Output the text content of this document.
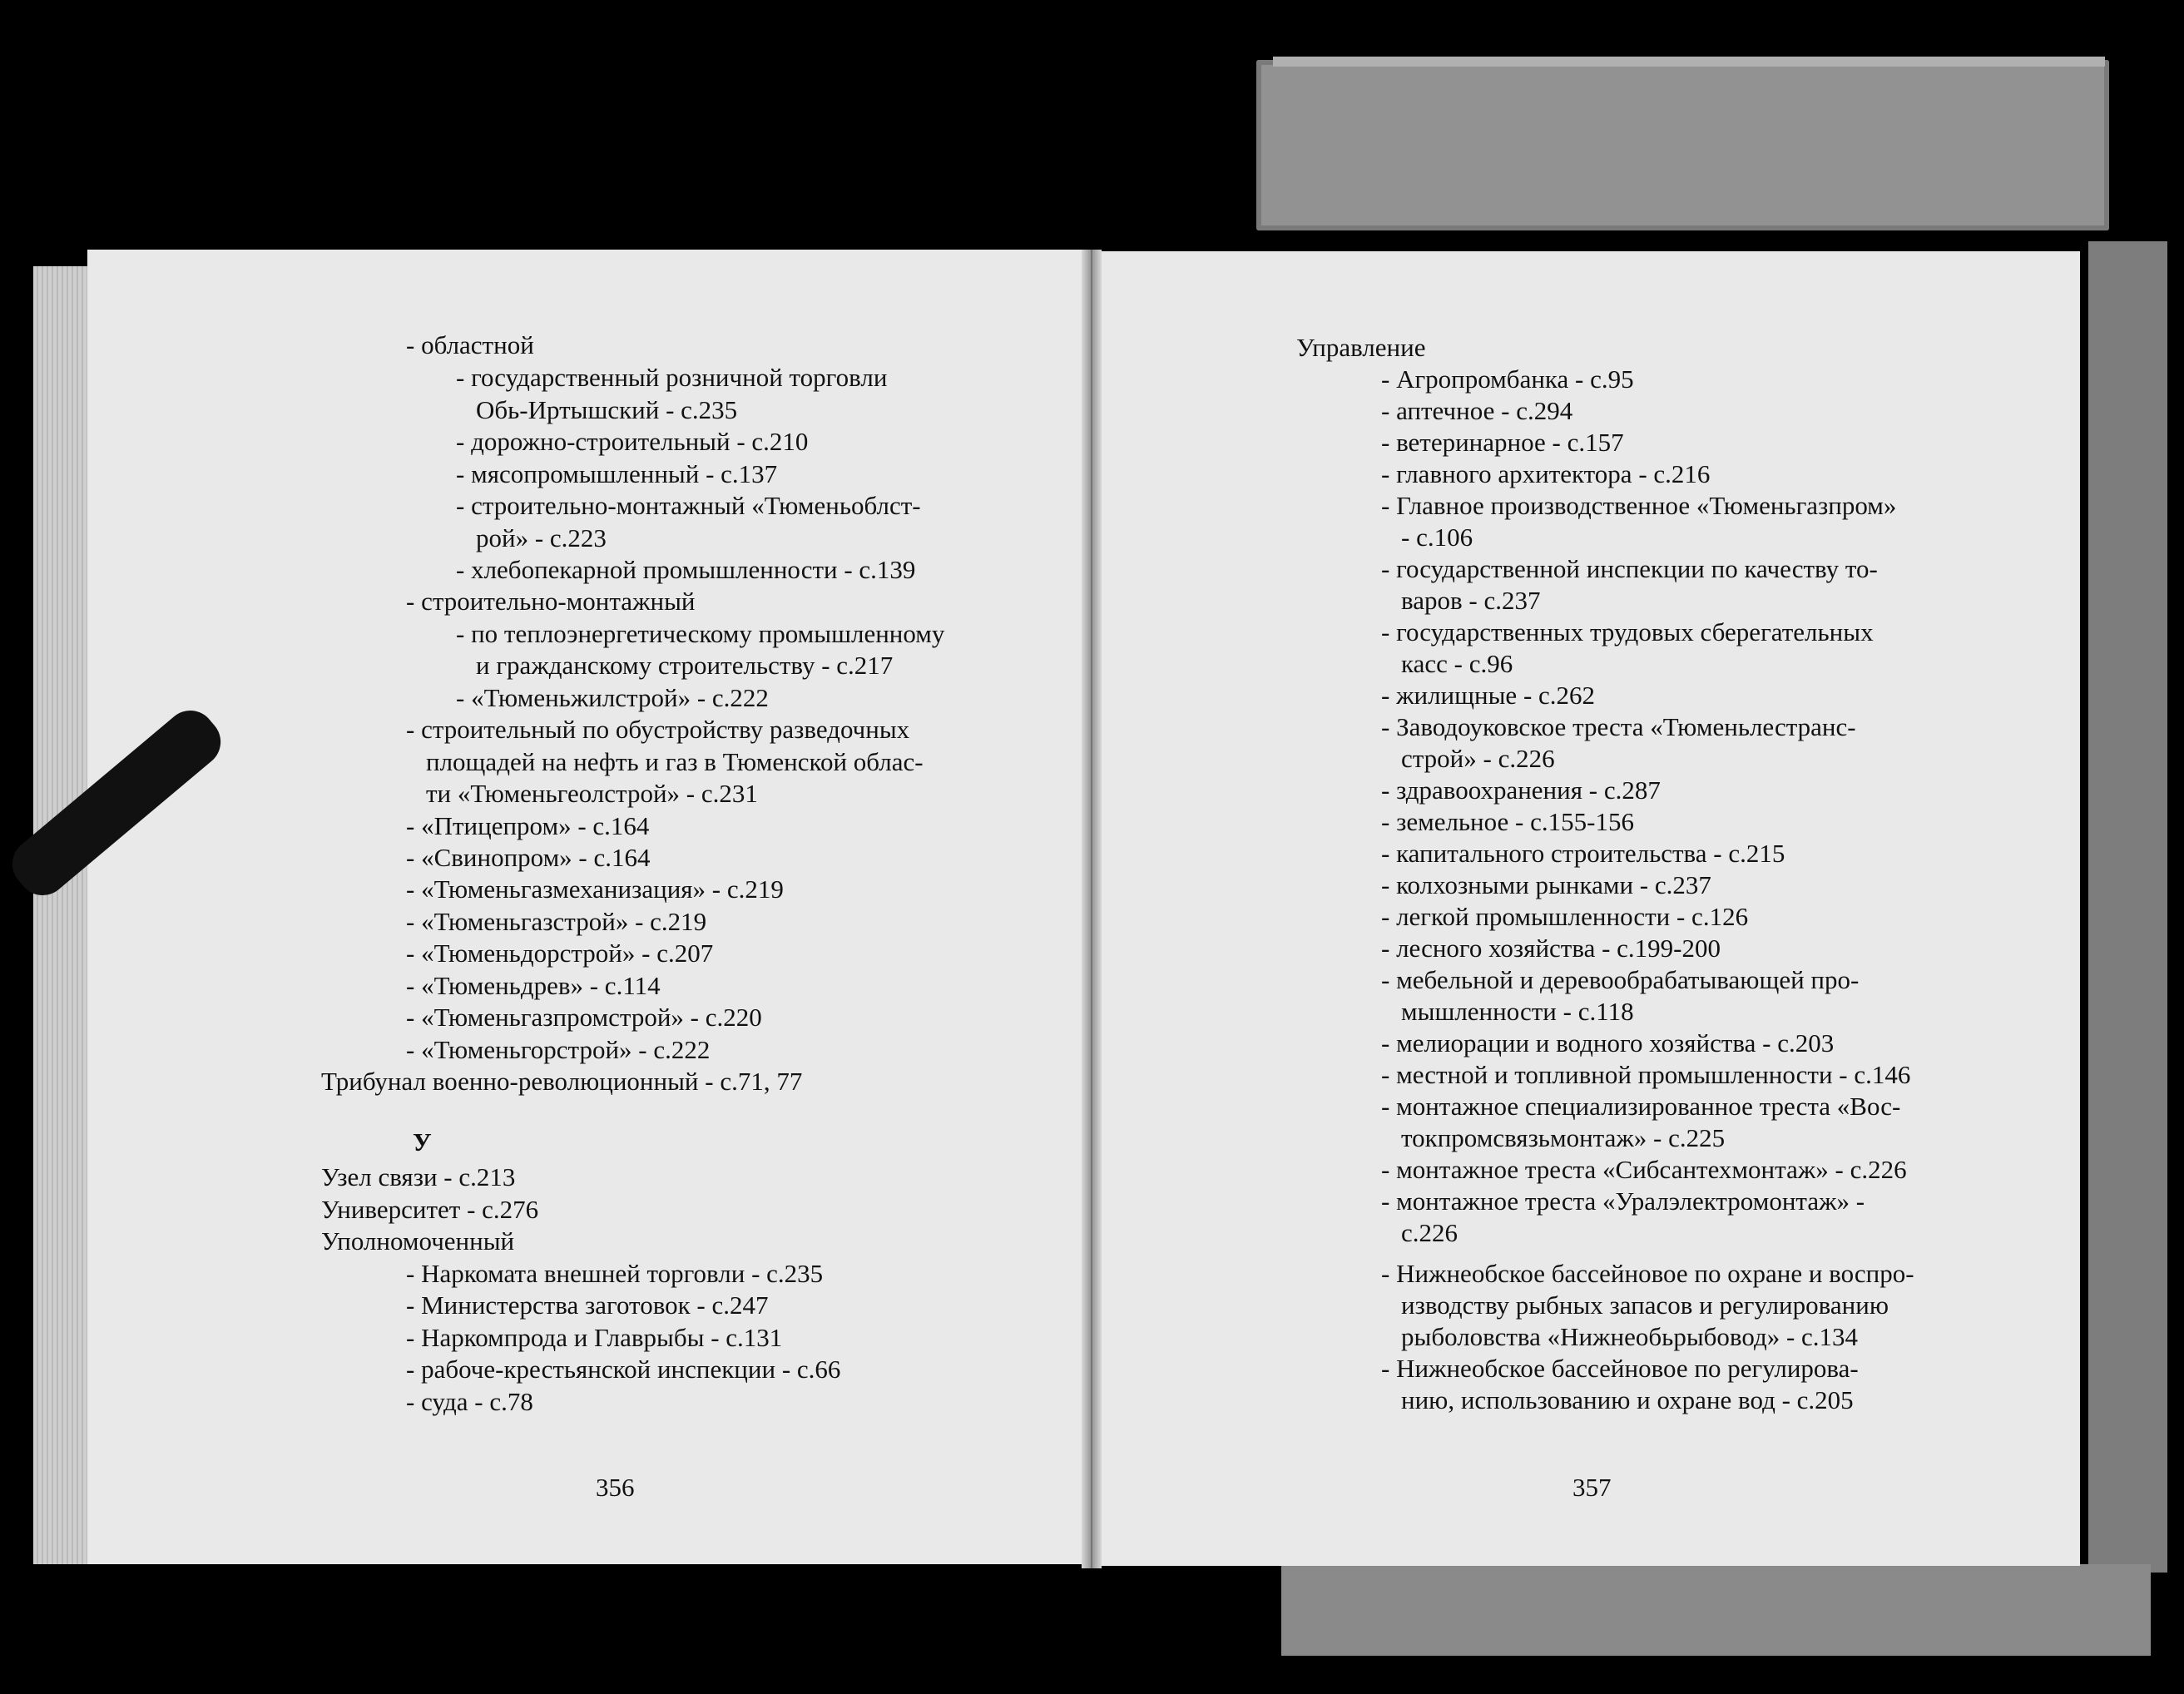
- областной
- государственный розничной торговли
Обь-Иртышский - с.235
- дорожно-строительный - с.210
- мясопромышленный - с.137
- строительно-монтажный «Тюменьоблст-
рой» - с.223
- хлебопекарной промышленности - с.139
- строительно-монтажный
- по теплоэнергетическому промышленному
и гражданскому строительству - с.217
- «Тюменьжилстрой» - с.222
- строительный по обустройству разведочных
площадей на нефть и газ в Тюменской облас-
ти «Тюменьгеолстрой» - с.231
- «Птицепром» - с.164
- «Свинопром» - с.164
- «Тюменьгазмеханизация» - с.219
- «Тюменьгазстрой» - с.219
- «Тюменьдорстрой» - с.207
- «Тюменьдрев» - с.114
- «Тюменьгазпромстрой» - с.220
- «Тюменьгорстрой» - с.222
Трибунал военно-революционный - с.71, 77
У
Узел связи - с.213
Университет - с.276
Уполномоченный
- Наркомата внешней торговли - с.235
- Министерства заготовок - с.247
- Наркомпрода и Главрыбы - с.131
- рабоче-крестьянской инспекции - с.66
- суда - с.78
356
Управление
- Агропромбанка - с.95
- аптечное - с.294
- ветеринарное - с.157
- главного архитектора - с.216
- Главное производственное «Тюменьгазпром»
- с.106
- государственной инспекции по качеству то-
варов - с.237
- государственных трудовых сберегательных
касс - с.96
- жилищные - с.262
- Заводоуковское треста «Тюменьлестранс-
строй» - с.226
- здравоохранения - с.287
- земельное - с.155-156
- капитального строительства - с.215
- колхозными рынками - с.237
- легкой промышленности - с.126
- лесного хозяйства - с.199-200
- мебельной и деревообрабатывающей про-
мышленности - с.118
- мелиорации и водного хозяйства - с.203
- местной и топливной промышленности - с.146
- монтажное специализированное треста «Вос-
токпромсвязьмонтаж» - с.225
- монтажное треста «Сибсантехмонтаж» - с.226
- монтажное треста «Уралэлектромонтаж» -
с.226
- Нижнеобское бассейновое по охране и воспро-
изводству рыбных запасов и регулированию
рыболовства «Нижнеобьрыбовод» - с.134
- Нижнеобское бассейновое по регулирова-
нию, использованию и охране вод - с.205
357
